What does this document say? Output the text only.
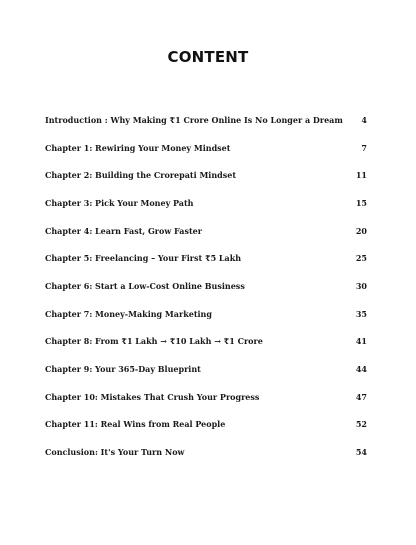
CONTENT
Introduction : Why Making ₹1 Crore Online Is No Longer a Dream	4
Chapter 1: Rewiring Your Money Mindset	7
Chapter 2: Building the Crorepati Mindset	11
Chapter 3: Pick Your Money Path	15
Chapter 4: Learn Fast, Grow Faster	20
Chapter 5: Freelancing – Your First ₹5 Lakh	25
Chapter 6: Start a Low-Cost Online Business	30
Chapter 7: Money-Making Marketing	35
Chapter 8: From ₹1 Lakh → ₹10 Lakh → ₹1 Crore	41
Chapter 9: Your 365-Day Blueprint	44
Chapter 10: Mistakes That Crush Your Progress	47
Chapter 11: Real Wins from Real People	52
Conclusion: It's Your Turn Now	54
